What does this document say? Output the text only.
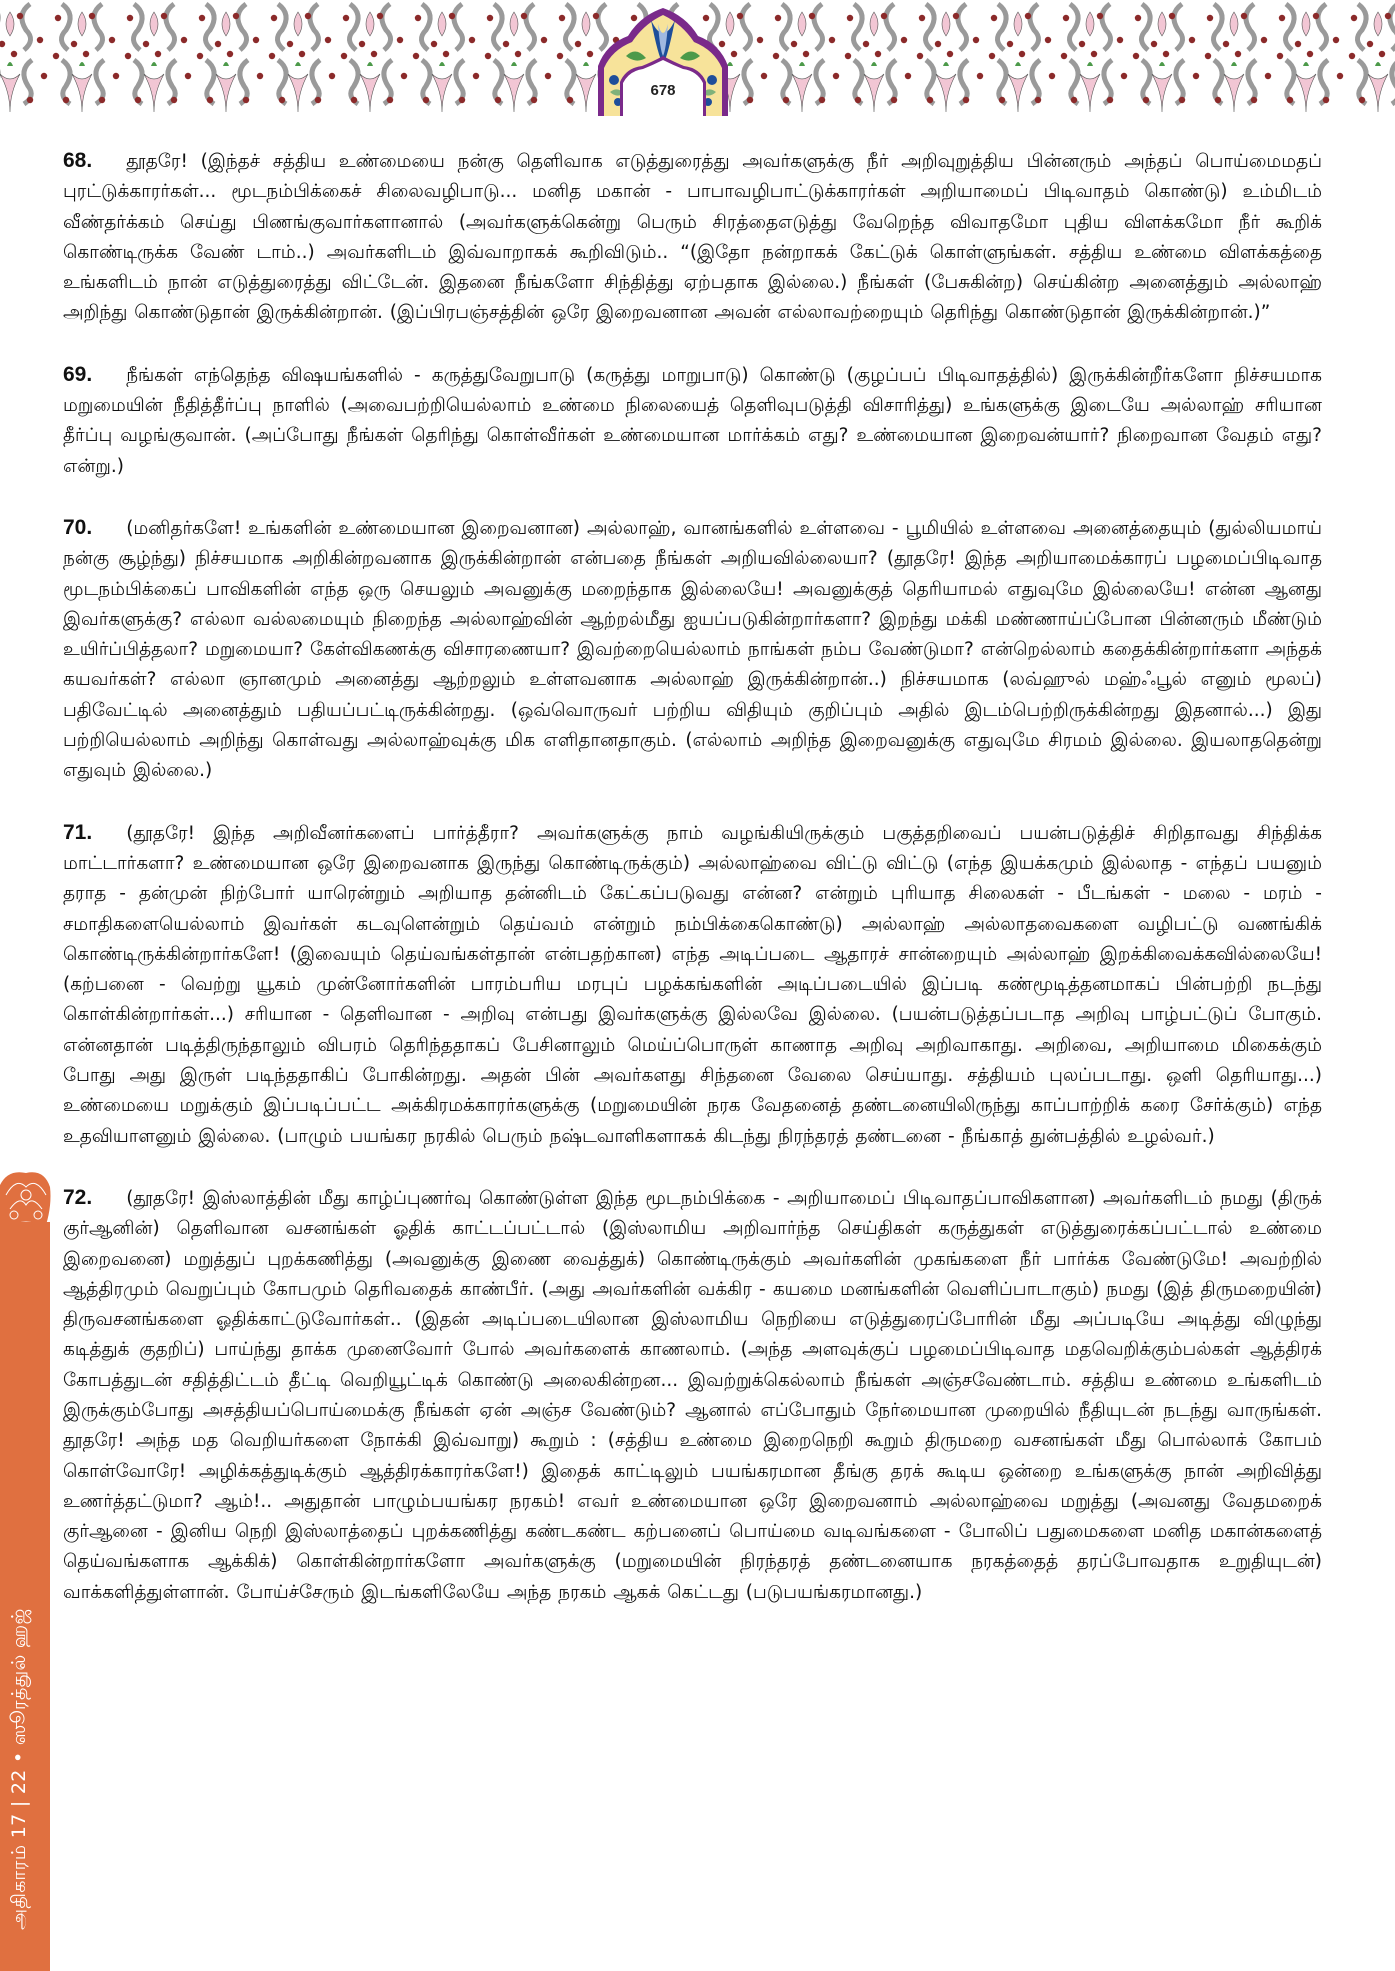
678
அதிகாரம் 17 | 22 • ஸூரத்துல் ஹஜ்

68. தூதரே! (இந்தச் சத்திய உண்மையை நன்கு தெளிவாக எடுத்துரைத்து அவர்களுக்கு நீர் அறிவுறுத்திய பின்னரும் அந்தப் பொய்மைமதப் புரட்டுக்காரர்கள்... மூடநம்பிக்கைச் சிலைவழிபாடு... மனித மகான் - பாபாவழிபாட்டுக்காரர்கள் அறியாமைப் பிடிவாதம் கொண்டு) உம்மிடம் வீண்தர்க்கம் செய்து பிணங்குவார்களானால் (அவர்களுக்கென்று பெரும் சிரத்தைஎடுத்து வேறெந்த விவாதமோ புதிய விளக்கமோ நீர் கூறிக் கொண்டிருக்க வேண் டாம்..) அவர்களிடம் இவ்வாறாகக் கூறிவிடும்.. “(இதோ நன்றாகக் கேட்டுக் கொள்ளுங்கள். சத்திய உண்மை விளக்கத்தை உங்களிடம் நான் எடுத்துரைத்து விட்டேன். இதனை நீங்களோ சிந்தித்து ஏற்பதாக இல்லை.) நீங்கள் (பேசுகின்ற) செய்கின்ற அனைத்தும் அல்லாஹ் அறிந்து கொண்டுதான் இருக்கின்றான். (இப்பிரபஞ்சத்தின் ஒரே இறைவனான அவன் எல்லாவற்றையும் தெரிந்து கொண்டுதான் இருக்கின்றான்.)”

69. நீங்கள் எந்தெந்த விஷயங்களில் - கருத்துவேறுபாடு (கருத்து மாறுபாடு) கொண்டு (குழப்பப் பிடிவாதத்தில்) இருக்கின்றீர்களோ நிச்சயமாக மறுமையின் நீதித்தீர்ப்பு நாளில் (அவைபற்றியெல்லாம் உண்மை நிலையைத் தெளிவுபடுத்தி விசாரித்து) உங்களுக்கு இடையே அல்லாஹ் சரியான தீர்ப்பு வழங்குவான். (அப்போது நீங்கள் தெரிந்து கொள்வீர்கள் உண்மையான மார்க்கம் எது? உண்மையான இறைவன்யார்? நிறைவான வேதம் எது? என்று.)

70. (மனிதர்களே! உங்களின் உண்மையான இறைவனான) அல்லாஹ், வானங்களில் உள்ளவை - பூமியில் உள்ளவை அனைத்தையும் (துல்லியமாய் நன்கு சூழ்ந்து) நிச்சயமாக அறிகின்றவனாக இருக்கின்றான் என்பதை நீங்கள் அறியவில்லையா? (தூதரே! இந்த அறியாமைக்காரப் பழமைப்பிடிவாத மூடநம்பிக்கைப் பாவிகளின் எந்த ஒரு செயலும் அவனுக்கு மறைந்தாக இல்லையே! அவனுக்குத் தெரியாமல் எதுவுமே இல்லையே! என்ன ஆனது இவர்களுக்கு? எல்லா வல்லமையும் நிறைந்த அல்லாஹ்வின் ஆற்றல்மீது ஐயப்படுகின்றார்களா? இறந்து மக்கி மண்ணாய்ப்போன பின்னரும் மீண்டும் உயிர்ப்பித்தலா? மறுமையா? கேள்விகணக்கு விசாரணையா? இவற்றையெல்லாம் நாங்கள் நம்ப வேண்டுமா? என்றெல்லாம் கதைக்கின்றார்களா அந்தக் கயவர்கள்? எல்லா ஞானமும் அனைத்து ஆற்றலும் உள்ளவனாக அல்லாஹ் இருக்கின்றான்..) நிச்சயமாக (லவ்ஹுல் மஹ்ஃபூல் எனும் மூலப்) பதிவேட்டில் அனைத்தும் பதியப்பட்டிருக்கின்றது. (ஒவ்வொருவர் பற்றிய விதியும் குறிப்பும் அதில் இடம்பெற்றிருக்கின்றது இதனால்...) இது பற்றியெல்லாம் அறிந்து கொள்வது அல்லாஹ்வுக்கு மிக எளிதானதாகும். (எல்லாம் அறிந்த இறைவனுக்கு எதுவுமே சிரமம் இல்லை. இயலாததென்று எதுவும் இல்லை.)

71. (தூதரே! இந்த அறிவீனர்களைப் பார்த்தீரா? அவர்களுக்கு நாம் வழங்கியிருக்கும் பகுத்தறிவைப் பயன்படுத்திச் சிறிதாவது சிந்திக்க மாட்டார்களா? உண்மையான ஒரே இறைவனாக இருந்து கொண்டிருக்கும்) அல்லாஹ்வை விட்டு விட்டு (எந்த இயக்கமும் இல்லாத - எந்தப் பயனும் தராத - தன்முன் நிற்போர் யாரென்றும் அறியாத தன்னிடம் கேட்கப்படுவது என்ன? என்றும் புரியாத சிலைகள் - பீடங்கள் - மலை - மரம் - சமாதிகளையெல்லாம் இவர்கள் கடவுளென்றும் தெய்வம் என்றும் நம்பிக்கைகொண்டு) அல்லாஹ் அல்லாதவைகளை வழிபட்டு வணங்கிக் கொண்டிருக்கின்றார்களே! (இவையும் தெய்வங்கள்தான் என்பதற்கான) எந்த அடிப்படை ஆதாரச் சான்றையும் அல்லாஹ் இறக்கிவைக்கவில்லையே! (கற்பனை - வெற்று யூகம் முன்னோர்களின் பாரம்பரிய மரபுப் பழக்கங்களின் அடிப்படையில் இப்படி கண்மூடித்தனமாகப் பின்பற்றி நடந்து கொள்கின்றார்கள்...) சரியான - தெளிவான - அறிவு என்பது இவர்களுக்கு இல்லவே இல்லை. (பயன்படுத்தப்படாத அறிவு பாழ்பட்டுப் போகும். என்னதான் படித்திருந்தாலும் விபரம் தெரிந்ததாகப் பேசினாலும் மெய்ப்பொருள் காணாத அறிவு அறிவாகாது. அறிவை, அறியாமை மிகைக்கும் போது அது இருள் படிந்ததாகிப் போகின்றது. அதன் பின் அவர்களது சிந்தனை வேலை செய்யாது. சத்தியம் புலப்படாது. ஒளி தெரியாது...) உண்மையை மறுக்கும் இப்படிப்பட்ட அக்கிரமக்காரர்களுக்கு (மறுமையின் நரக வேதனைத் தண்டனையிலிருந்து காப்பாற்றிக் கரை சேர்க்கும்) எந்த உதவியாளனும் இல்லை. (பாழும் பயங்கர நரகில் பெரும் நஷ்டவாளிகளாகக் கிடந்து நிரந்தரத் தண்டனை - நீங்காத் துன்பத்தில் உழல்வர்.)

72. (தூதரே! இஸ்லாத்தின் மீது காழ்ப்புணர்வு கொண்டுள்ள இந்த மூடநம்பிக்கை - அறியாமைப் பிடிவாதப்பாவிகளான) அவர்களிடம் நமது (திருக் குர்ஆனின்) தெளிவான வசனங்கள் ஓதிக் காட்டப்பட்டால் (இஸ்லாமிய அறிவார்ந்த செய்திகள் கருத்துகள் எடுத்துரைக்கப்பட்டால் உண்மை இறைவனை) மறுத்துப் புறக்கணித்து (அவனுக்கு இணை வைத்துக்) கொண்டிருக்கும் அவர்களின் முகங்களை நீர் பார்க்க வேண்டுமே! அவற்றில் ஆத்திரமும் வெறுப்பும் கோபமும் தெரிவதைக் காண்பீர். (அது அவர்களின் வக்கிர - கயமை மனங்களின் வெளிப்பாடாகும்) நமது (இத் திருமறையின்) திருவசனங்களை ஓதிக்காட்டுவோர்கள்.. (இதன் அடிப்படையிலான இஸ்லாமிய நெறியை எடுத்துரைப்போரின் மீது அப்படியே அடித்து விழுந்து கடித்துக் குதறிப்) பாய்ந்து தாக்க முனைவோர் போல் அவர்களைக் காணலாம். (அந்த அளவுக்குப் பழமைப்பிடிவாத மதவெறிக்கும்பல்கள் ஆத்திரக் கோபத்துடன் சதித்திட்டம் தீட்டி வெறியூட்டிக் கொண்டு அலைகின்றன... இவற்றுக்கெல்லாம் நீங்கள் அஞ்சவேண்டாம். சத்திய உண்மை உங்களிடம் இருக்கும்போது அசத்தியப்பொய்மைக்கு நீங்கள் ஏன் அஞ்ச வேண்டும்? ஆனால் எப்போதும் நேர்மையான முறையில் நீதியுடன் நடந்து வாருங்கள். தூதரே! அந்த மத வெறியர்களை நோக்கி இவ்வாறு) கூறும் : (சத்திய உண்மை இறைநெறி கூறும் திருமறை வசனங்கள் மீது பொல்லாக் கோபம் கொள்வோரே! அழிக்கத்துடிக்கும் ஆத்திரக்காரர்களே!) இதைக் காட்டிலும் பயங்கரமான தீங்கு தரக் கூடிய ஒன்றை உங்களுக்கு நான் அறிவித்து உணர்த்தட்டுமா? ஆம்!.. அதுதான் பாழும்பயங்கர நரகம்! எவர் உண்மையான ஒரே இறைவனாம் அல்லாஹ்வை மறுத்து (அவனது வேதமறைக் குர்ஆனை - இனிய நெறி இஸ்லாத்தைப் புறக்கணித்து கண்டகண்ட கற்பனைப் பொய்மை வடிவங்களை - போலிப் பதுமைகளை மனித மகான்களைத் தெய்வங்களாக ஆக்கிக்) கொள்கின்றார்களோ அவர்களுக்கு (மறுமையின் நிரந்தரத் தண்டனையாக நரகத்தைத் தரப்போவதாக உறுதியுடன்) வாக்களித்துள்ளான். போய்ச்சேரும் இடங்களிலேயே அந்த நரகம் ஆகக் கெட்டது (படுபயங்கரமானது.)
